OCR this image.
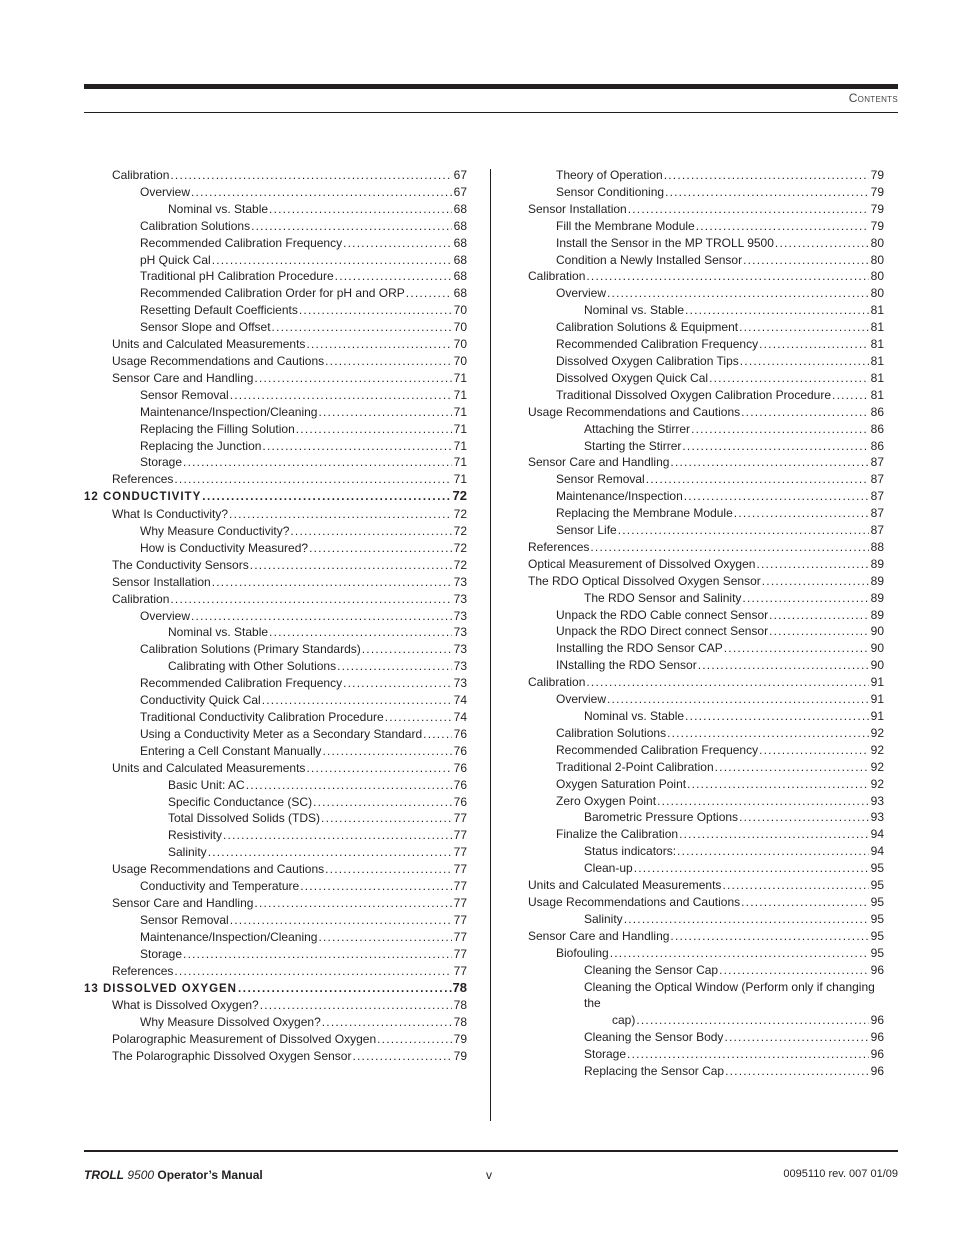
Contents
Calibration .....	67
Overview .....	67
Nominal vs. Stable .....	68
Calibration Solutions .....	68
Recommended Calibration Frequency .....	68
pH Quick Cal .....	68
Traditional pH Calibration Procedure .....	68
Recommended Calibration Order for pH and ORP .....	68
Resetting Default Coefficients .....	70
Sensor Slope and Offset .....	70
Units and Calculated Measurements .....	70
Usage Recommendations and Cautions .....	70
Sensor Care and Handling .....	71
Sensor Removal .....	71
Maintenance/Inspection/Cleaning .....	71
Replacing the Filling Solution .....	71
Replacing the Junction .....	71
Storage .....	71
References .....	71
12 CONDUCTIVITY .....	72
What Is Conductivity? .....	72
Why Measure Conductivity? .....	72
How is Conductivity Measured? .....	72
The Conductivity Sensors .....	72
Sensor Installation .....	73
Calibration .....	73
Overview .....	73
Nominal vs. Stable .....	73
Calibration Solutions (Primary Standards) .....	73
Calibrating with Other Solutions .....	73
Recommended Calibration Frequency .....	73
Conductivity Quick Cal .....	74
Traditional Conductivity Calibration Procedure .....	74
Using a Conductivity Meter as a Secondary Standard .....	76
Entering a Cell Constant Manually .....	76
Units and Calculated Measurements .....	76
Basic Unit: AC .....	76
Specific Conductance (SC) .....	76
Total Dissolved Solids (TDS) .....	77
Resistivity .....	77
Salinity .....	77
Usage Recommendations and Cautions .....	77
Conductivity and Temperature .....	77
Sensor Care and Handling .....	77
Sensor Removal .....	77
Maintenance/Inspection/Cleaning .....	77
Storage .....	77
References .....	77
13 DISSOLVED OXYGEN .....	78
What is Dissolved Oxygen? .....	78
Why Measure Dissolved Oxygen? .....	78
Polarographic Measurement of Dissolved Oxygen .....	79
The Polarographic Dissolved Oxygen Sensor .....	79
Theory of Operation .....	79
Sensor Conditioning .....	79
Sensor Installation .....	79
Fill the Membrane Module .....	79
Install the Sensor in the MP TROLL 9500 .....	80
Condition a Newly Installed Sensor .....	80
Calibration .....	80
Overview .....	80
Nominal vs. Stable .....	81
Calibration Solutions & Equipment .....	81
Recommended Calibration Frequency .....	81
Dissolved Oxygen Calibration Tips .....	81
Dissolved Oxygen Quick Cal .....	81
Traditional Dissolved Oxygen Calibration Procedure .....	81
Usage Recommendations and Cautions .....	86
Attaching the Stirrer .....	86
Starting the Stirrer .....	86
Sensor Care and Handling .....	87
Sensor Removal .....	87
Maintenance/Inspection .....	87
Replacing the Membrane Module .....	87
Sensor Life .....	87
References .....	88
Optical Measurement of Dissolved Oxygen .....	89
The RDO Optical Dissolved Oxygen Sensor .....	89
The RDO Sensor and Salinity .....	89
Unpack the RDO Cable connect Sensor .....	89
Unpack the RDO Direct connect Sensor .....	90
Installing the RDO Sensor CAP .....	90
INstalling the RDO Sensor .....	90
Calibration .....	91
Overview .....	91
Nominal vs. Stable .....	91
Calibration Solutions .....	92
Recommended Calibration Frequency .....	92
Traditional 2-Point Calibration .....	92
Oxygen Saturation Point .....	92
Zero Oxygen Point .....	93
Barometric Pressure Options .....	93
Finalize the Calibration .....	94
Status indicators: .....	94
Clean-up .....	95
Units and Calculated Measurements .....	95
Usage Recommendations and Cautions .....	95
Salinity .....	95
Sensor Care and Handling .....	95
Biofouling .....	95
Cleaning the Sensor Cap .....	96
Cleaning the Optical Window (Perform only if changing the
cap) .....	96
Cleaning the Sensor Body .....	96
Storage .....	96
Replacing the Sensor Cap .....	96
TROLL 9500 Operator’s Manual	v	0095110 rev. 007 01/09
